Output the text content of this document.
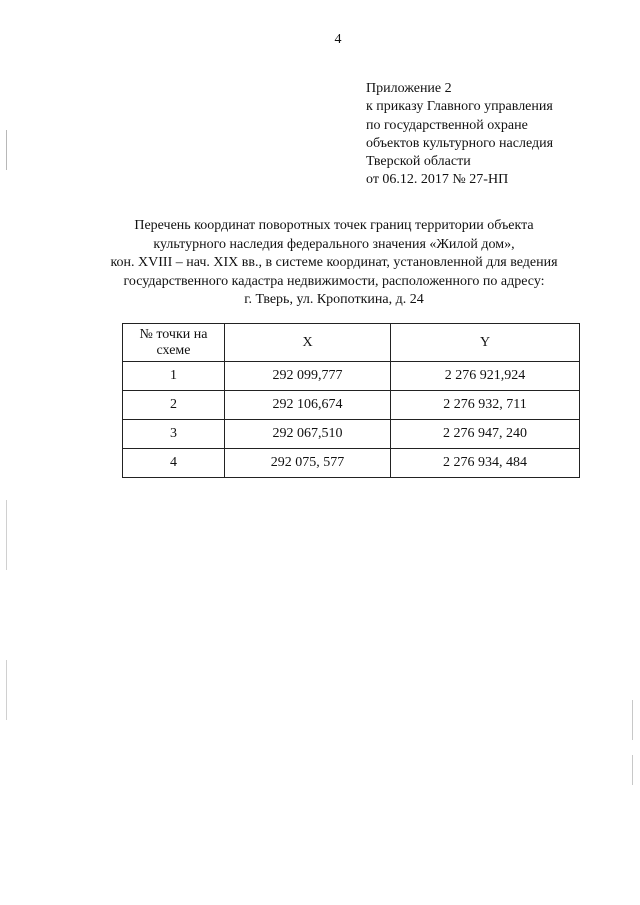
4
Приложение 2
к приказу Главного управления
по государственной охране
объектов культурного наследия
Тверской области
от 06.12. 2017 № 27-НП
Перечень координат поворотных точек границ территории объекта
культурного наследия федерального значения «Жилой дом»,
кон. XVIII – нач. XIX вв., в системе координат, установленной для ведения
государственного кадастра недвижимости, расположенного по адресу:
г. Тверь, ул. Кропоткина, д. 24
№ точки на
схеме	X	Y
1	292 099,777	2 276 921,924
2	292 106,674	2 276 932, 711
3	292 067,510	2 276 947, 240
4	292 075, 577	2 276 934, 484
